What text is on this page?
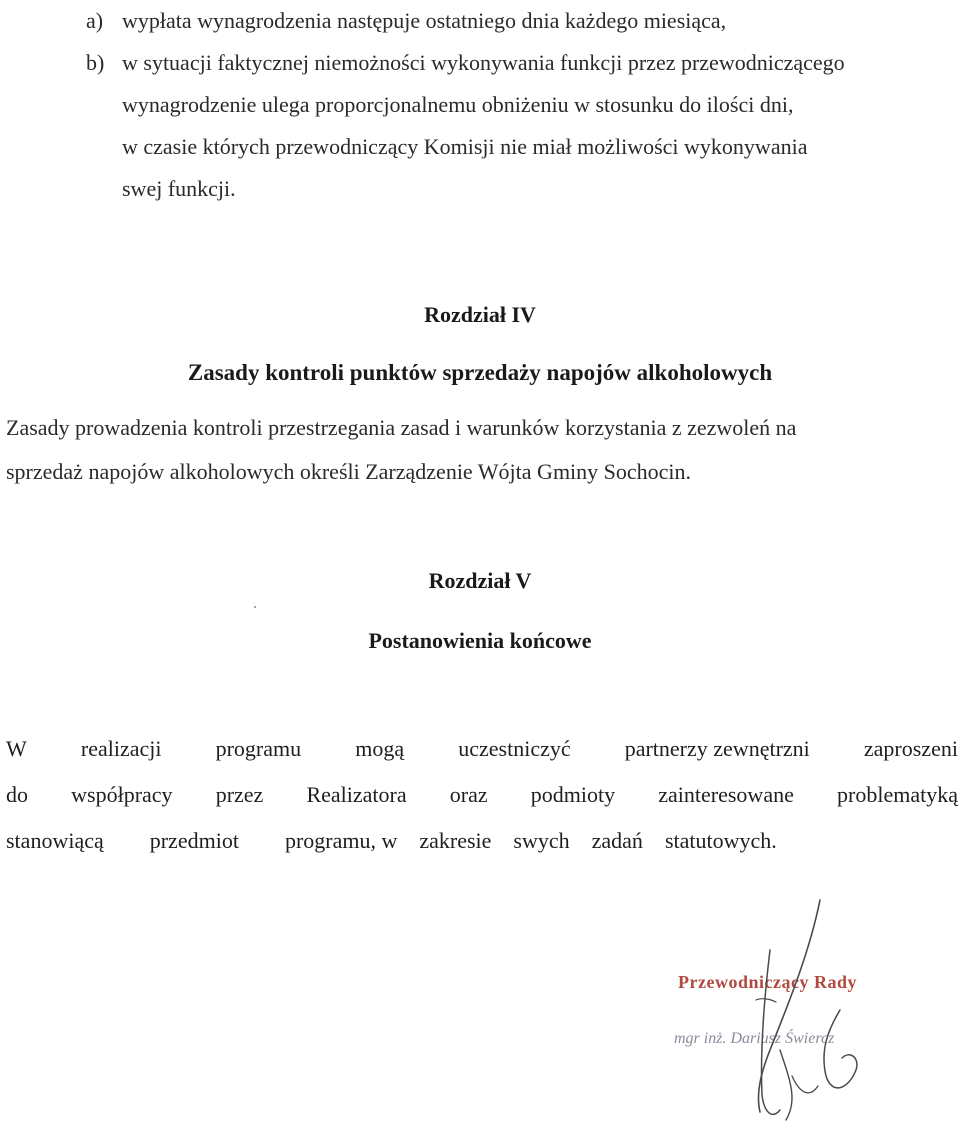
a) wypłata wynagrodzenia następuje ostatniego dnia każdego miesiąca,
b) w sytuacji faktycznej niemożności wykonywania funkcji przez przewodniczącego
wynagrodzenie ulega proporcjonalnemu obniżeniu w stosunku do ilości dni,
w czasie których przewodniczący Komisji nie miał możliwości wykonywania
swej funkcji.
Rozdział IV
Zasady kontroli punktów sprzedaży napojów alkoholowych
Zasady prowadzenia kontroli przestrzegania zasad i warunków korzystania z zezwoleń na
sprzedaż napojów alkoholowych określi Zarządzenie Wójta Gminy Sochocin.
Rozdział V
Postanowienia końcowe
W realizacji programu mogą uczestniczyć partnerzy zewnętrzni zaproszeni
do współpracy przez Realizatora oraz podmioty zainteresowane problematyką
stanowiącą przedmiot programu, w zakresie swych zadań statutowych.
Przewodniczący Rady
mgr inż. Dariusz Świercz
